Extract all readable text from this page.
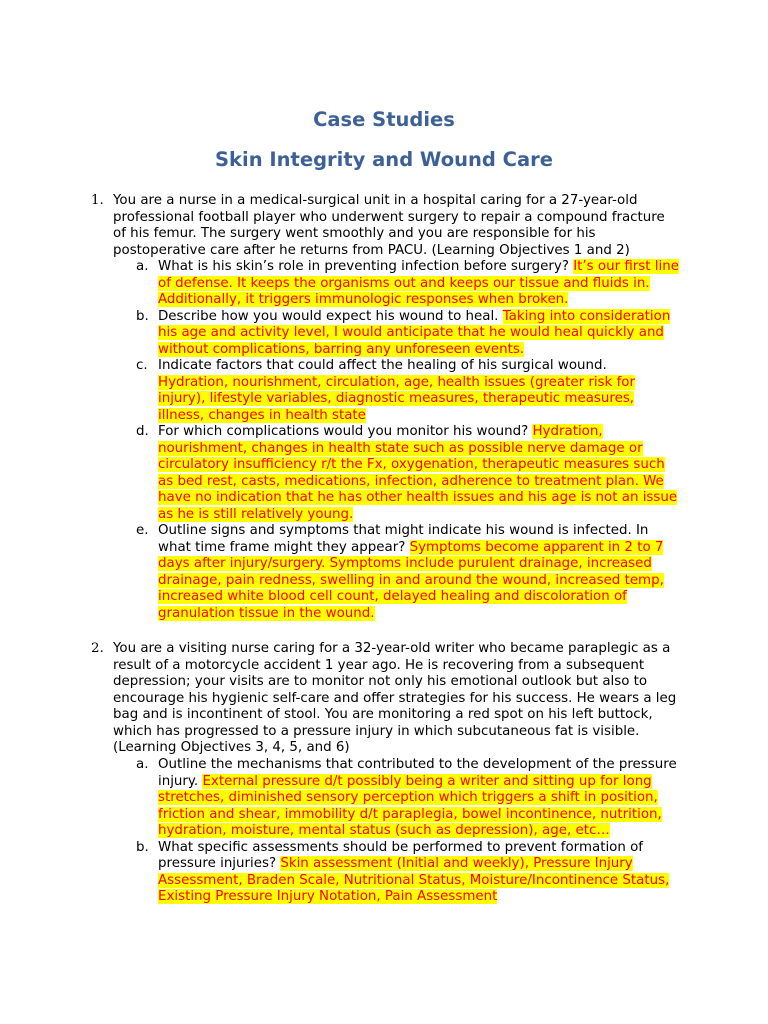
Case Studies
Skin Integrity and Wound Care
1. You are a nurse in a medical-surgical unit in a hospital caring for a 27-year-old professional football player who underwent surgery to repair a compound fracture of his femur. The surgery went smoothly and you are responsible for his postoperative care after he returns from PACU. (Learning Objectives 1 and 2)

a. What is his skin’s role in preventing infection before surgery? It’s our first line of defense. It keeps the organisms out and keeps our tissue and fluids in. Additionally, it triggers immunologic responses when broken.

b. Describe how you would expect his wound to heal. Taking into consideration his age and activity level, I would anticipate that he would heal quickly and without complications, barring any unforeseen events.

c. Indicate factors that could affect the healing of his surgical wound. Hydration, nourishment, circulation, age, health issues (greater risk for injury), lifestyle variables, diagnostic measures, therapeutic measures, illness, changes in health state

d. For which complications would you monitor his wound? Hydration, nourishment, changes in health state such as possible nerve damage or circulatory insufficiency r/t the Fx, oxygenation, therapeutic measures such as bed rest, casts, medications, infection, adherence to treatment plan. We have no indication that he has other health issues and his age is not an issue as he is still relatively young.

e. Outline signs and symptoms that might indicate his wound is infected. In what time frame might they appear? Symptoms become apparent in 2 to 7 days after injury/surgery. Symptoms include purulent drainage, increased drainage, pain redness, swelling in and around the wound, increased temp, increased white blood cell count, delayed healing and discoloration of granulation tissue in the wound.

2. You are a visiting nurse caring for a 32-year-old writer who became paraplegic as a result of a motorcycle accident 1 year ago. He is recovering from a subsequent depression; your visits are to monitor not only his emotional outlook but also to encourage his hygienic self-care and offer strategies for his success. He wears a leg bag and is incontinent of stool. You are monitoring a red spot on his left buttock, which has progressed to a pressure injury in which subcutaneous fat is visible. (Learning Objectives 3, 4, 5, and 6)

a. Outline the mechanisms that contributed to the development of the pressure injury. External pressure d/t possibly being a writer and sitting up for long stretches, diminished sensory perception which triggers a shift in position, friction and shear, immobility d/t paraplegia, bowel incontinence, nutrition, hydration, moisture, mental status (such as depression), age, etc…

b. What specific assessments should be performed to prevent formation of pressure injuries? Skin assessment (Initial and weekly), Pressure Injury Assessment, Braden Scale, Nutritional Status, Moisture/Incontinence Status, Existing Pressure Injury Notation, Pain Assessment
